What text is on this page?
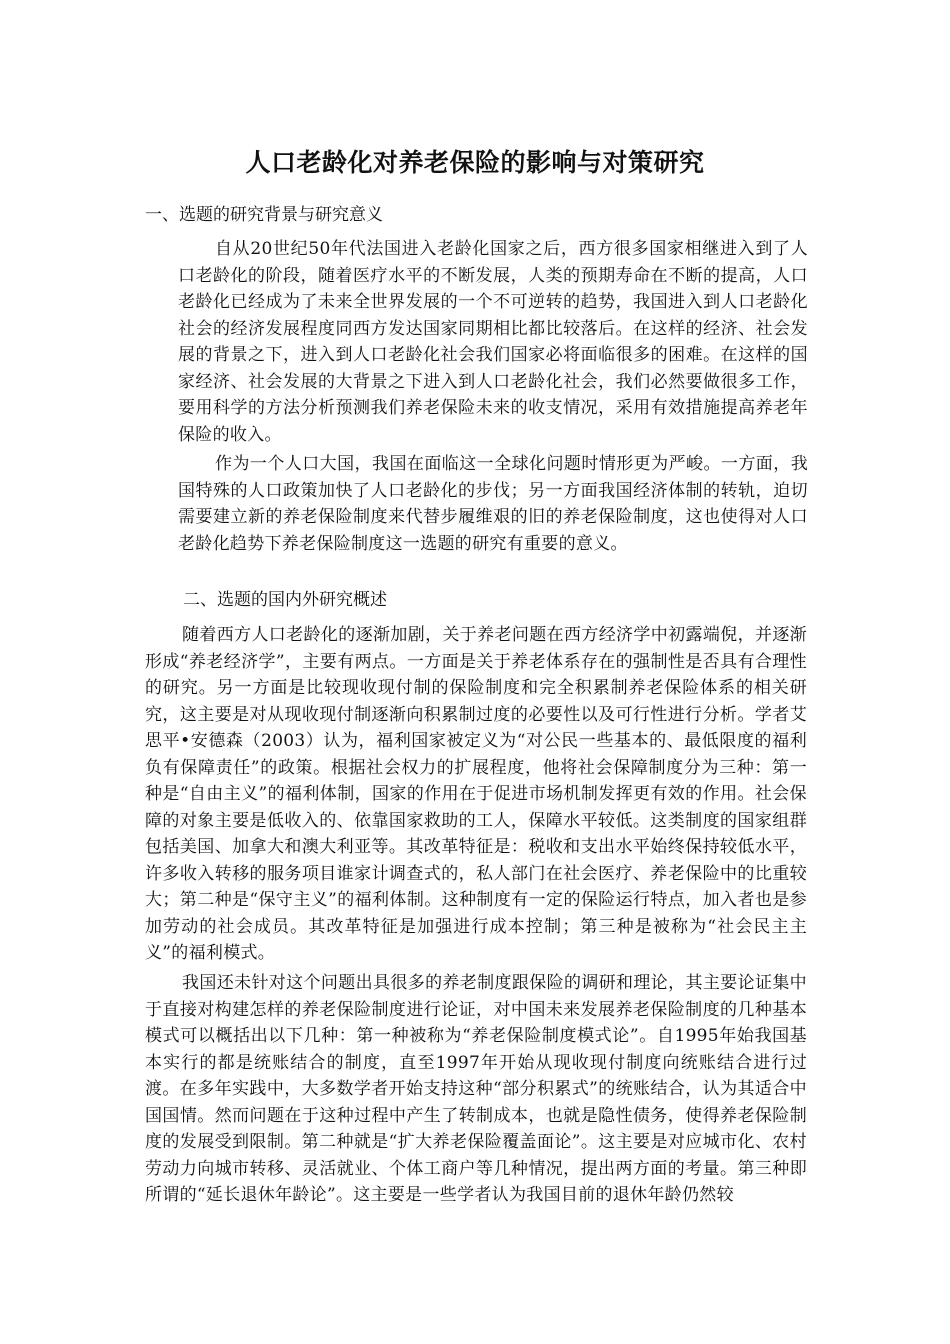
人口老龄化对养老保险的影响与对策研究
一、选题的研究背景与研究意义
自从20世纪50年代法国进入老龄化国家之后，西方很多国家相继进入到了人口老龄化的阶段，随着医疗水平的不断发展，人类的预期寿命在不断的提高，人口老龄化已经成为了未来全世界发展的一个不可逆转的趋势，我国进入到人口老龄化社会的经济发展程度同西方发达国家同期相比都比较落后。在这样的经济、社会发展的背景之下，进入到人口老龄化社会我们国家必将面临很多的困难。在这样的国家经济、社会发展的大背景之下进入到人口老龄化社会，我们必然要做很多工作，要用科学的方法分析预测我们养老保险未来的收支情况，采用有效措施提高养老年保险的收入。
作为一个人口大国，我国在面临这一全球化问题时情形更为严峻。一方面，我国特殊的人口政策加快了人口老龄化的步伐；另一方面我国经济体制的转轨，迫切需要建立新的养老保险制度来代替步履维艰的旧的养老保险制度，这也使得对人口老龄化趋势下养老保险制度这一选题的研究有重要的意义。
二、选题的国内外研究概述
随着西方人口老龄化的逐渐加剧，关于养老问题在西方经济学中初露端倪，并逐渐形成“养老经济学”，主要有两点。一方面是关于养老体系存在的强制性是否具有合理性的研究。另一方面是比较现收现付制的保险制度和完全积累制养老保险体系的相关研究，这主要是对从现收现付制逐渐向积累制过度的必要性以及可行性进行分析。学者艾思平•安德森（2003）认为，福利国家被定义为“对公民一些基本的、最低限度的福利负有保障责任”的政策。根据社会权力的扩展程度，他将社会保障制度分为三种：第一种是“自由主义”的福利体制，国家的作用在于促进市场机制发挥更有效的作用。社会保障的对象主要是低收入的、依靠国家救助的工人，保障水平较低。这类制度的国家组群包括美国、加拿大和澳大利亚等。其改革特征是：税收和支出水平始终保持较低水平，许多收入转移的服务项目谁家计调查式的，私人部门在社会医疗、养老保险中的比重较大；第二种是“保守主义”的福利体制。这种制度有一定的保险运行特点，加入者也是参加劳动的社会成员。其改革特征是加强进行成本控制；第三种是被称为“社会民主主义”的福利模式。
我国还未针对这个问题出具很多的养老制度跟保险的调研和理论，其主要论证集中于直接对构建怎样的养老保险制度进行论证，对中国未来发展养老保险制度的几种基本模式可以概括出以下几种：第一种被称为“养老保险制度模式论”。自1995年始我国基本实行的都是统账结合的制度，直至1997年开始从现收现付制度向统账结合进行过渡。在多年实践中，大多数学者开始支持这种“部分积累式”的统账结合，认为其适合中国国情。然而问题在于这种过程中产生了转制成本，也就是隐性债务，使得养老保险制度的发展受到限制。第二种就是“扩大养老保险覆盖面论”。这主要是对应城市化、农村劳动力向城市转移、灵活就业、个体工商户等几种情况，提出两方面的考量。第三种即所谓的“延长退休年龄论”。这主要是一些学者认为我国目前的退休年龄仍然较
